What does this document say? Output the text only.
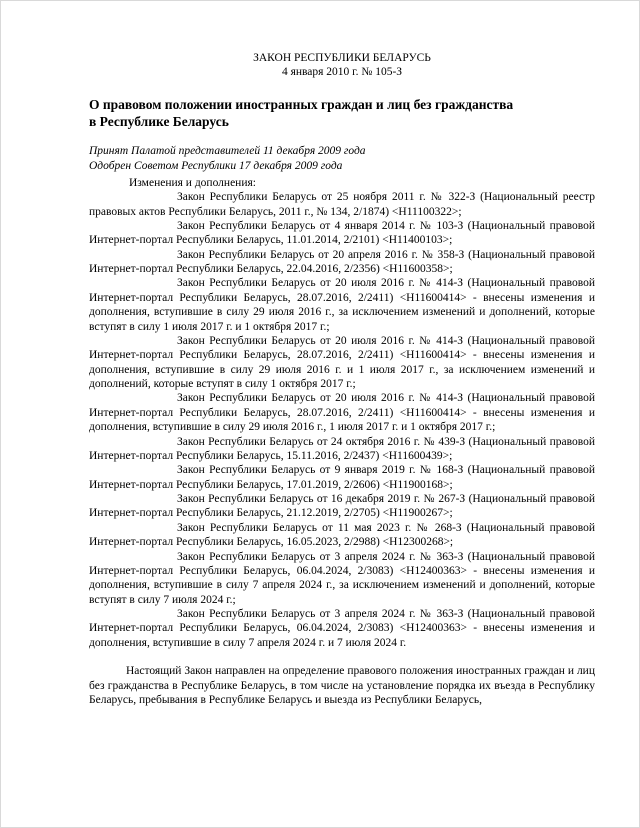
ЗАКОН РЕСПУБЛИКИ БЕЛАРУСЬ
4 января 2010 г. № 105-З
О правовом положении иностранных граждан и лиц без гражданства в Республике Беларусь

Принят Палатой представителей 11 декабря 2009 года

Одобрен Советом Республики 17 декабря 2009 года

Изменения и дополнения:

Закон Республики Беларусь от 25 ноября 2011 г. № 322-З (Национальный реестр правовых актов Республики Беларусь, 2011 г., № 134, 2/1874) <Н11100322>;

Закон Республики Беларусь от 4 января 2014 г. № 103-З (Национальный правовой Интернет-портал Республики Беларусь, 11.01.2014, 2/2101) <Н11400103>;

Закон Республики Беларусь от 20 апреля 2016 г. № 358-З (Национальный правовой Интернет-портал Республики Беларусь, 22.04.2016, 2/2356) <Н11600358>;

Закон Республики Беларусь от 20 июля 2016 г. № 414-З (Национальный правовой Интернет-портал Республики Беларусь, 28.07.2016, 2/2411) <Н11600414> - внесены изменения и дополнения, вступившие в силу 29 июля 2016 г., за исключением изменений и дополнений, которые вступят в силу 1 июля 2017 г. и 1 октября 2017 г.;

Закон Республики Беларусь от 20 июля 2016 г. № 414-З (Национальный правовой Интернет-портал Республики Беларусь, 28.07.2016, 2/2411) <Н11600414> - внесены изменения и дополнения, вступившие в силу 29 июля 2016 г. и 1 июля 2017 г., за исключением изменений и дополнений, которые вступят в силу 1 октября 2017 г.;

Закон Республики Беларусь от 20 июля 2016 г. № 414-З (Национальный правовой Интернет-портал Республики Беларусь, 28.07.2016, 2/2411) <Н11600414> - внесены изменения и дополнения, вступившие в силу 29 июля 2016 г., 1 июля 2017 г. и 1 октября 2017 г.;

Закон Республики Беларусь от 24 октября 2016 г. № 439-З (Национальный правовой Интернет-портал Республики Беларусь, 15.11.2016, 2/2437) <Н11600439>;

Закон Республики Беларусь от 9 января 2019 г. № 168-З (Национальный правовой Интернет-портал Республики Беларусь, 17.01.2019, 2/2606) <Н11900168>;

Закон Республики Беларусь от 16 декабря 2019 г. № 267-З (Национальный правовой Интернет-портал Республики Беларусь, 21.12.2019, 2/2705) <Н11900267>;

Закон Республики Беларусь от 11 мая 2023 г. № 268-З (Национальный правовой Интернет-портал Республики Беларусь, 16.05.2023, 2/2988) <Н12300268>;

Закон Республики Беларусь от 3 апреля 2024 г. № 363-З (Национальный правовой Интернет-портал Республики Беларусь, 06.04.2024, 2/3083) <Н12400363> - внесены изменения и дополнения, вступившие в силу 7 апреля 2024 г., за исключением изменений и дополнений, которые вступят в силу 7 июля 2024 г.;

Закон Республики Беларусь от 3 апреля 2024 г. № 363-З (Национальный правовой Интернет-портал Республики Беларусь, 06.04.2024, 2/3083) <Н12400363> - внесены изменения и дополнения, вступившие в силу 7 апреля 2024 г. и 7 июля 2024 г.

Настоящий Закон направлен на определение правового положения иностранных граждан и лиц без гражданства в Республике Беларусь, в том числе на установление порядка их въезда в Республику Беларусь, пребывания в Республике Беларусь и выезда из Республики Беларусь,
